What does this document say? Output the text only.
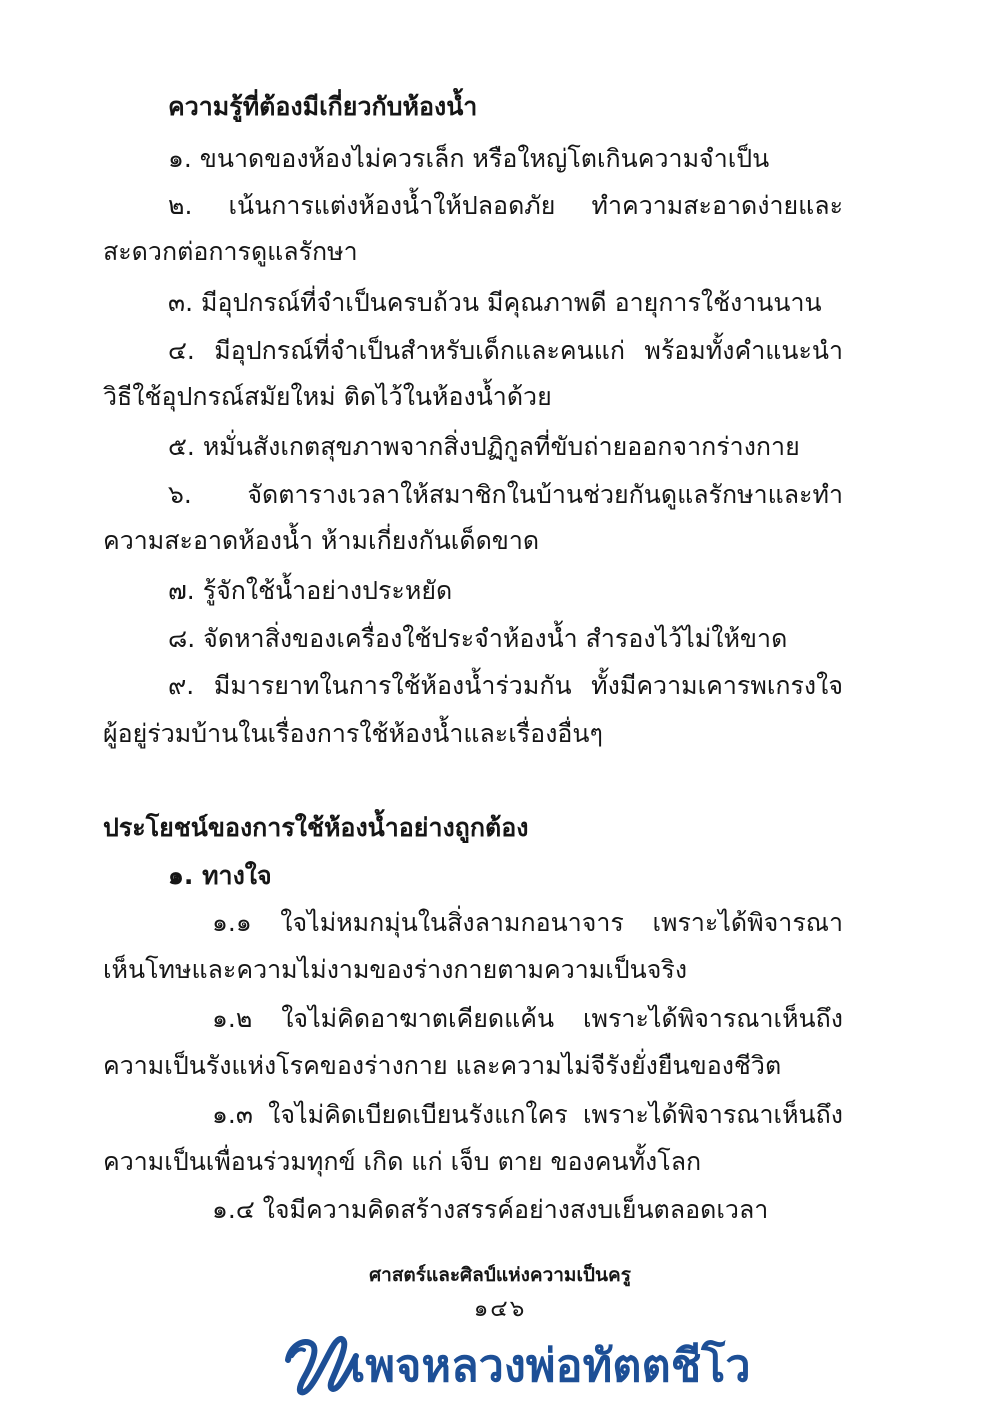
ความรู้ที่ต้องมีเกี่ยวกับห้องน้ำ
๑. ขนาดของห้องไม่ควรเล็ก หรือใหญ่โตเกินความจำเป็น
๒. เน้นการแต่งห้องน้ำให้ปลอดภัย ทำความสะอาดง่ายและ
สะดวกต่อการดูแลรักษา
๓. มีอุปกรณ์ที่จำเป็นครบถ้วน มีคุณภาพดี อายุการใช้งานนาน
๔. มีอุปกรณ์ที่จำเป็นสำหรับเด็กและคนแก่ พร้อมทั้งคำแนะนำ
วิธีใช้อุปกรณ์สมัยใหม่ ติดไว้ในห้องน้ำด้วย
๕. หมั่นสังเกตสุขภาพจากสิ่งปฏิกูลที่ขับถ่ายออกจากร่างกาย
๖. จัดตารางเวลาให้สมาชิกในบ้านช่วยกันดูแลรักษาและทำ
ความสะอาดห้องน้ำ ห้ามเกี่ยงกันเด็ดขาด
๗. รู้จักใช้น้ำอย่างประหยัด
๘. จัดหาสิ่งของเครื่องใช้ประจำห้องน้ำ สำรองไว้ไม่ให้ขาด
๙. มีมารยาทในการใช้ห้องน้ำร่วมกัน ทั้งมีความเคารพเกรงใจ
ผู้อยู่ร่วมบ้านในเรื่องการใช้ห้องน้ำและเรื่องอื่นๆ
ประโยชน์ของการใช้ห้องน้ำอย่างถูกต้อง
๑. ทางใจ
๑.๑ ใจไม่หมกมุ่นในสิ่งลามกอนาจาร เพราะได้พิจารณา
เห็นโทษและความไม่งามของร่างกายตามความเป็นจริง
๑.๒ ใจไม่คิดอาฆาตเคียดแค้น เพราะได้พิจารณาเห็นถึง
ความเป็นรังแห่งโรคของร่างกาย และความไม่จีรังยั่งยืนของชีวิต
๑.๓ ใจไม่คิดเบียดเบียนรังแกใคร เพราะได้พิจารณาเห็นถึง
ความเป็นเพื่อนร่วมทุกข์ เกิด แก่ เจ็บ ตาย ของคนทั้งโลก
๑.๔ ใจมีความคิดสร้างสรรค์อย่างสงบเย็นตลอดเวลา
ศาสตร์และศิลป์แห่งความเป็นครู
๑๔๖
เพจหลวงพ่อทัตตชีโว
